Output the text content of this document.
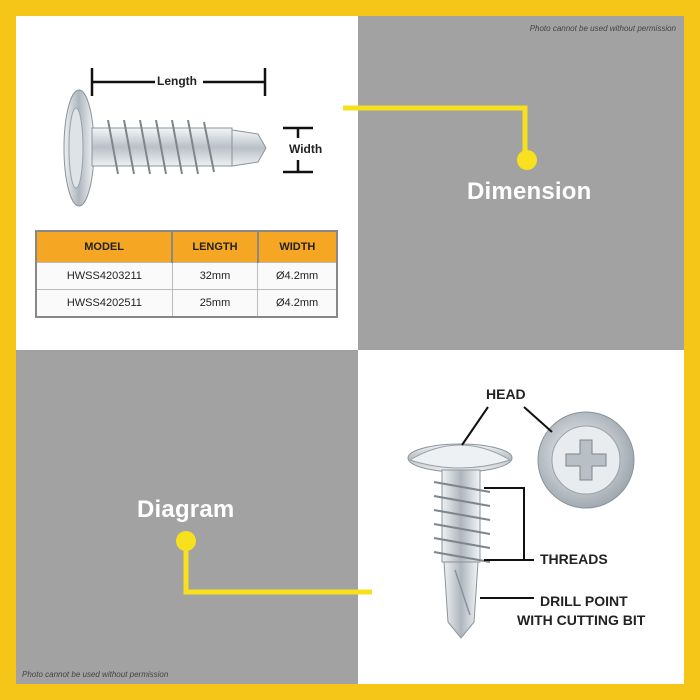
Photo cannot be used without permission
Photo cannot be used without permission
Length
Width
Dimension
Diagram
MODEL	LENGTH	WIDTH
HWSS4203211	32mm	Ø4.2mm
HWSS4202511	25mm	Ø4.2mm
HEAD
THREADS
DRILL POINT
WITH CUTTING BIT
